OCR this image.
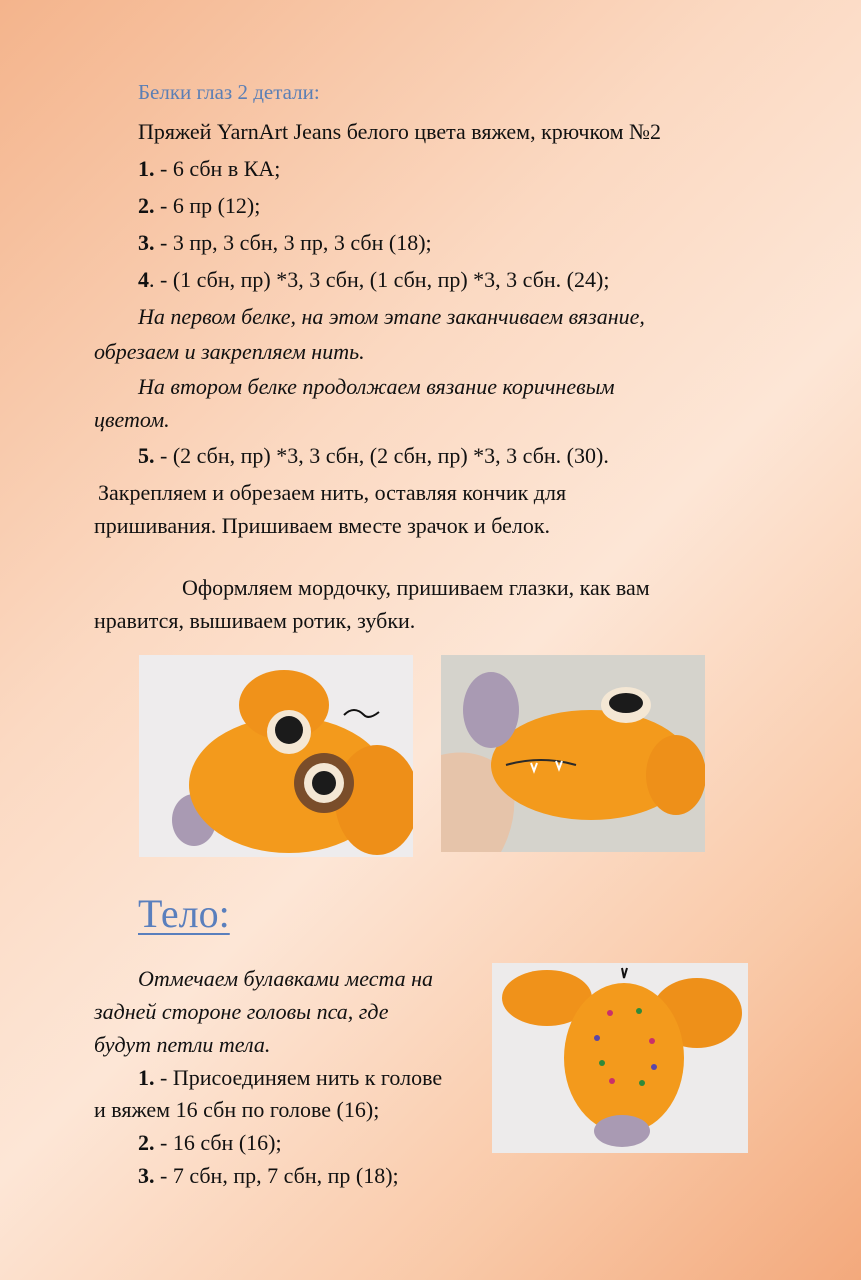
Белки глаз 2 детали:
Пряжей YarnArt Jeans белого цвета вяжем, крючком №2
1. - 6 сбн в КА;
2. - 6 пр (12);
3. - 3 пр, 3 сбн, 3 пр, 3 сбн (18);
4. - (1 сбн, пр) *3, 3 сбн, (1 сбн, пр) *3, 3 сбн. (24);
На первом белке, на этом этапе заканчиваем вязание,
обрезаем и закрепляем нить.
На втором белке продолжаем вязание коричневым
цветом.
5. - (2 сбн, пр) *3, 3 сбн, (2 сбн, пр) *3, 3 сбн. (30).
Закрепляем и обрезаем нить, оставляя кончик для
пришивания. Пришиваем вместе зрачок и белок.
Оформляем мордочку, пришиваем глазки, как вам
нравится, вышиваем ротик, зубки.
Тело:
Отмечаем булавками места на
задней стороне головы пса, где
будут петли тела.
1. - Присоединяем нить к голове
и вяжем 16 сбн по голове (16);
2. - 16 сбн (16);
3. - 7 сбн, пр, 7 сбн, пр (18);
